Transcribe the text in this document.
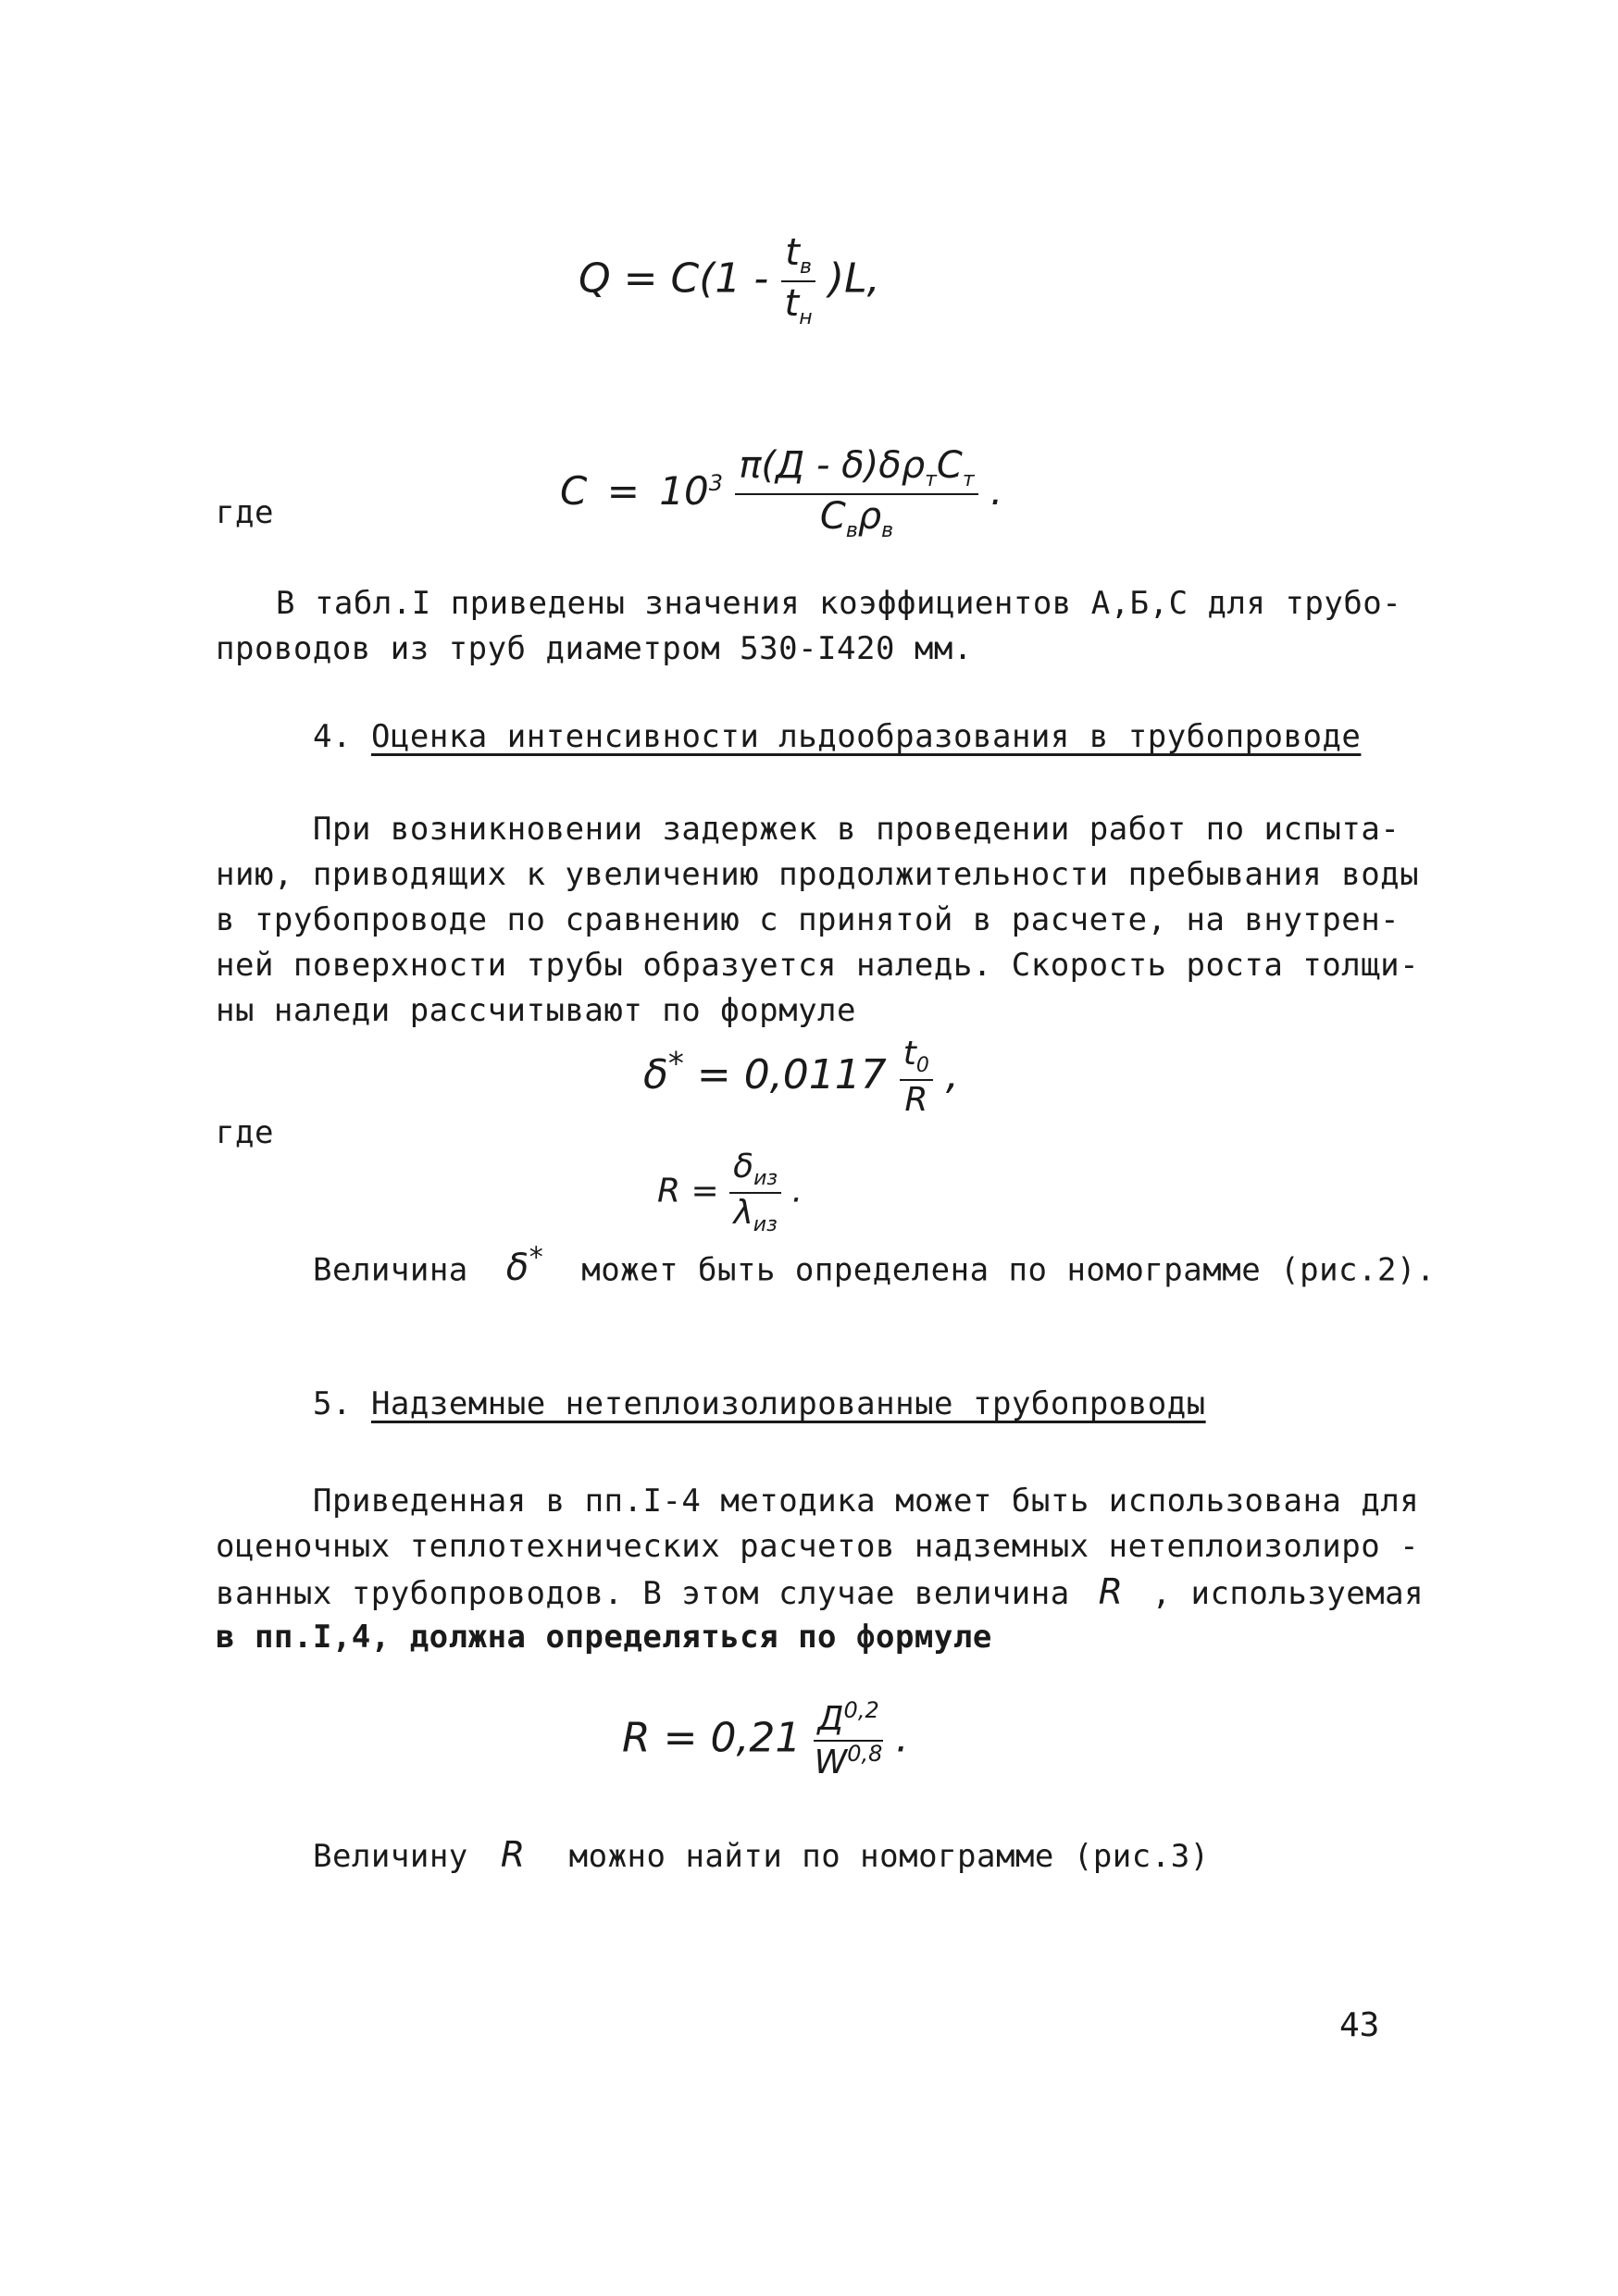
$Q = C(1 - \frac{t_в}{t_н} )L$,
где	$C = 10^3 \frac{\pi(Д - \delta)\delta\rho_тC_т}{C_в\rho_в}$ .
В табл.I приведены значения коэффициентов А,Б,С для трубо-
проводов из труб диаметром 530-I420 мм.
4. Оценка интенсивности льдообразования в трубопроводе
При возникновении задержек в проведении работ по испыта-
нию, приводящих к увеличению продолжительности пребывания воды
в трубопроводе по сравнению с принятой в расчете, на внутрен-
ней поверхности трубы образуется наледь. Скорость роста толщи-
ны наледи рассчитывают по формуле
$\delta^* = 0,0117 \frac{t_0}{R}$ ,
где
$R = \frac{\delta_{из}}{\lambda_{из}}$ .
Величина δ* может быть определена по номограмме (рис.2).
5. Надземные нетеплоизолированные трубопроводы
Приведенная в пп.I-4 методика может быть использована для
оценочных теплотехнических расчетов надземных нетеплоизолиро -
ванных трубопроводов. В этом случае величина R , используемая
в пп.I,4, должна определяться по формуле
$R = 0,21 \frac{Д^{0,2}}{W^{0,8}}$ .
Величину R можно найти по номограмме (рис.3)
43
